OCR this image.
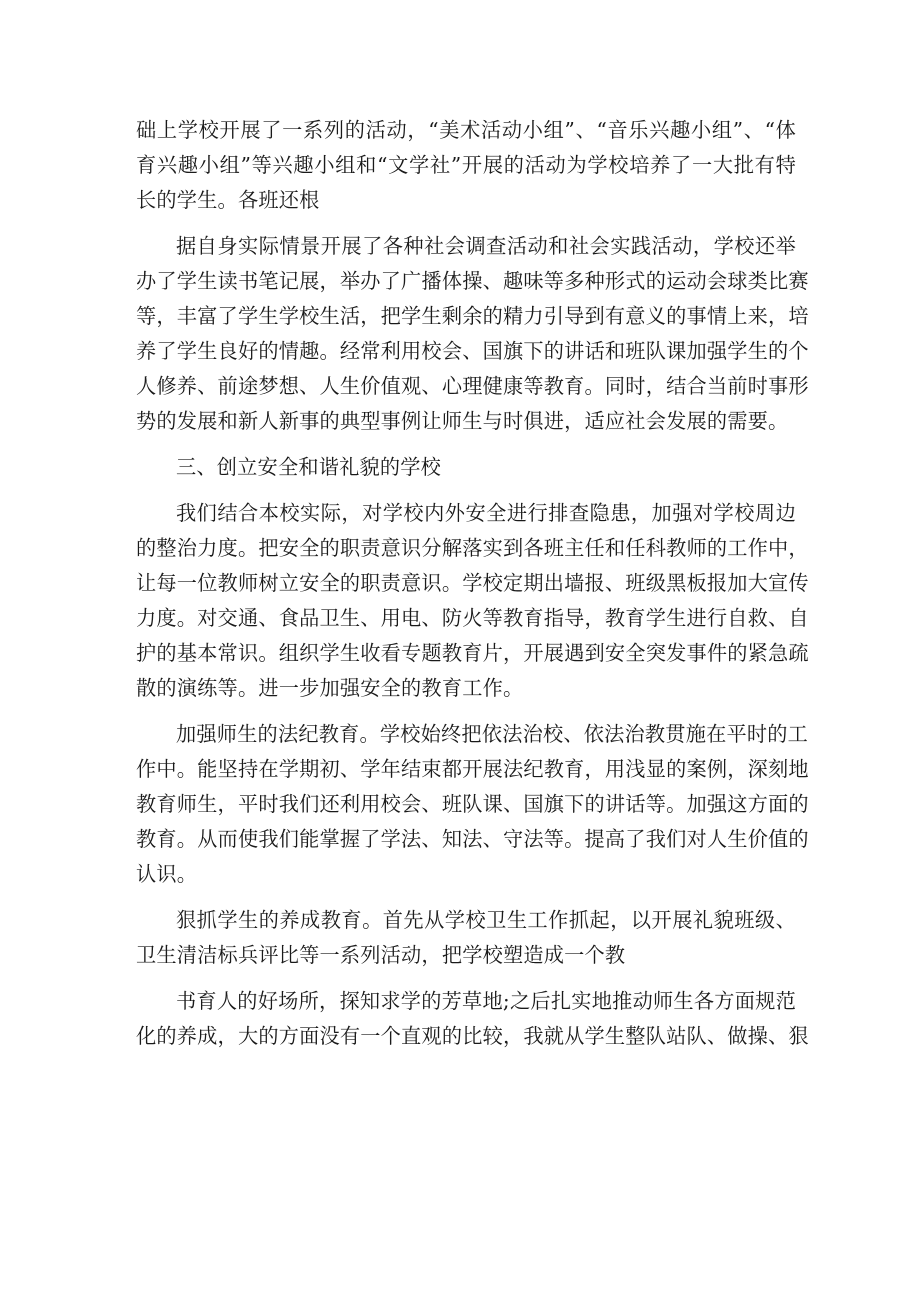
础上学校开展了一系列的活动，“美术活动小组”、“音乐兴趣小组”、“体
育兴趣小组”等兴趣小组和“文学社”开展的活动为学校培养了一大批有特
长的学生。各班还根
据自身实际情景开展了各种社会调查活动和社会实践活动，学校还举
办了学生读书笔记展，举办了广播体操、趣味等多种形式的运动会球类比赛
等，丰富了学生学校生活，把学生剩余的精力引导到有意义的事情上来，培
养了学生良好的情趣。经常利用校会、国旗下的讲话和班队课加强学生的个
人修养、前途梦想、人生价值观、心理健康等教育。同时，结合当前时事形
势的发展和新人新事的典型事例让师生与时俱进，适应社会发展的需要。
三、创立安全和谐礼貌的学校
我们结合本校实际，对学校内外安全进行排查隐患，加强对学校周边
的整治力度。把安全的职责意识分解落实到各班主任和任科教师的工作中，
让每一位教师树立安全的职责意识。学校定期出墙报、班级黑板报加大宣传
力度。对交通、食品卫生、用电、防火等教育指导，教育学生进行自救、自
护的基本常识。组织学生收看专题教育片，开展遇到安全突发事件的紧急疏
散的演练等。进一步加强安全的教育工作。
加强师生的法纪教育。学校始终把依法治校、依法治教贯施在平时的工
作中。能坚持在学期初、学年结束都开展法纪教育，用浅显的案例，深刻地
教育师生，平时我们还利用校会、班队课、国旗下的讲话等。加强这方面的
教育。从而使我们能掌握了学法、知法、守法等。提高了我们对人生价值的
认识。
狠抓学生的养成教育。首先从学校卫生工作抓起，以开展礼貌班级、
卫生清洁标兵评比等一系列活动，把学校塑造成一个教
书育人的好场所，探知求学的芳草地;之后扎实地推动师生各方面规范
化的养成，大的方面没有一个直观的比较，我就从学生整队站队、做操、狠
